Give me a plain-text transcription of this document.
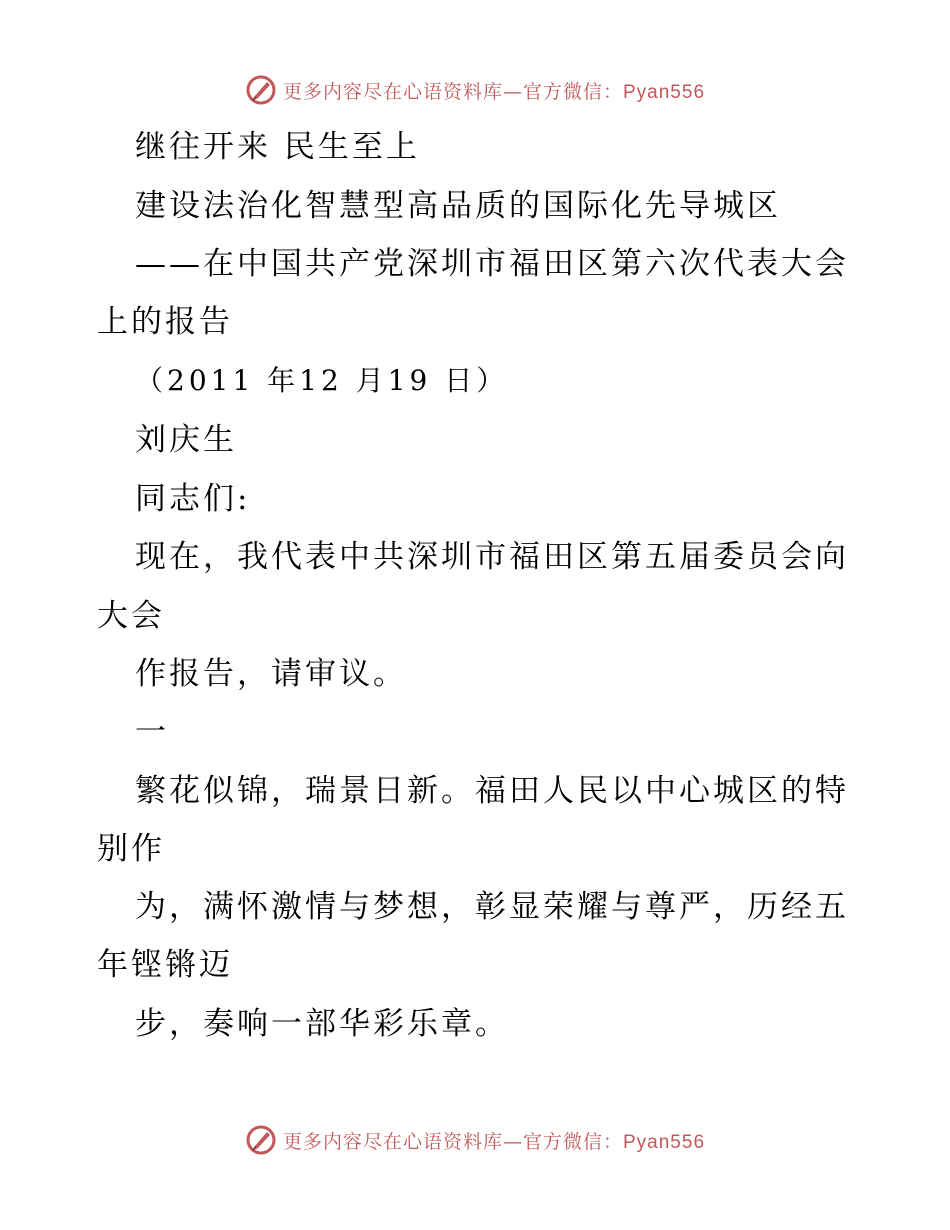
更多内容尽在心语资料库—官方微信：Pyan556
继往开来 民生至上
建设法治化智慧型高品质的国际化先导城区
——在中国共产党深圳市福田区第六次代表大会
上的报告
（2011 年12 月19 日）
刘庆生
同志们:
现在，我代表中共深圳市福田区第五届委员会向
大会
作报告，请审议。
一
繁花似锦，瑞景日新。福田人民以中心城区的特
别作
为，满怀激情与梦想，彰显荣耀与尊严，历经五
年铿锵迈
步，奏响一部华彩乐章。
更多内容尽在心语资料库—官方微信：Pyan556
